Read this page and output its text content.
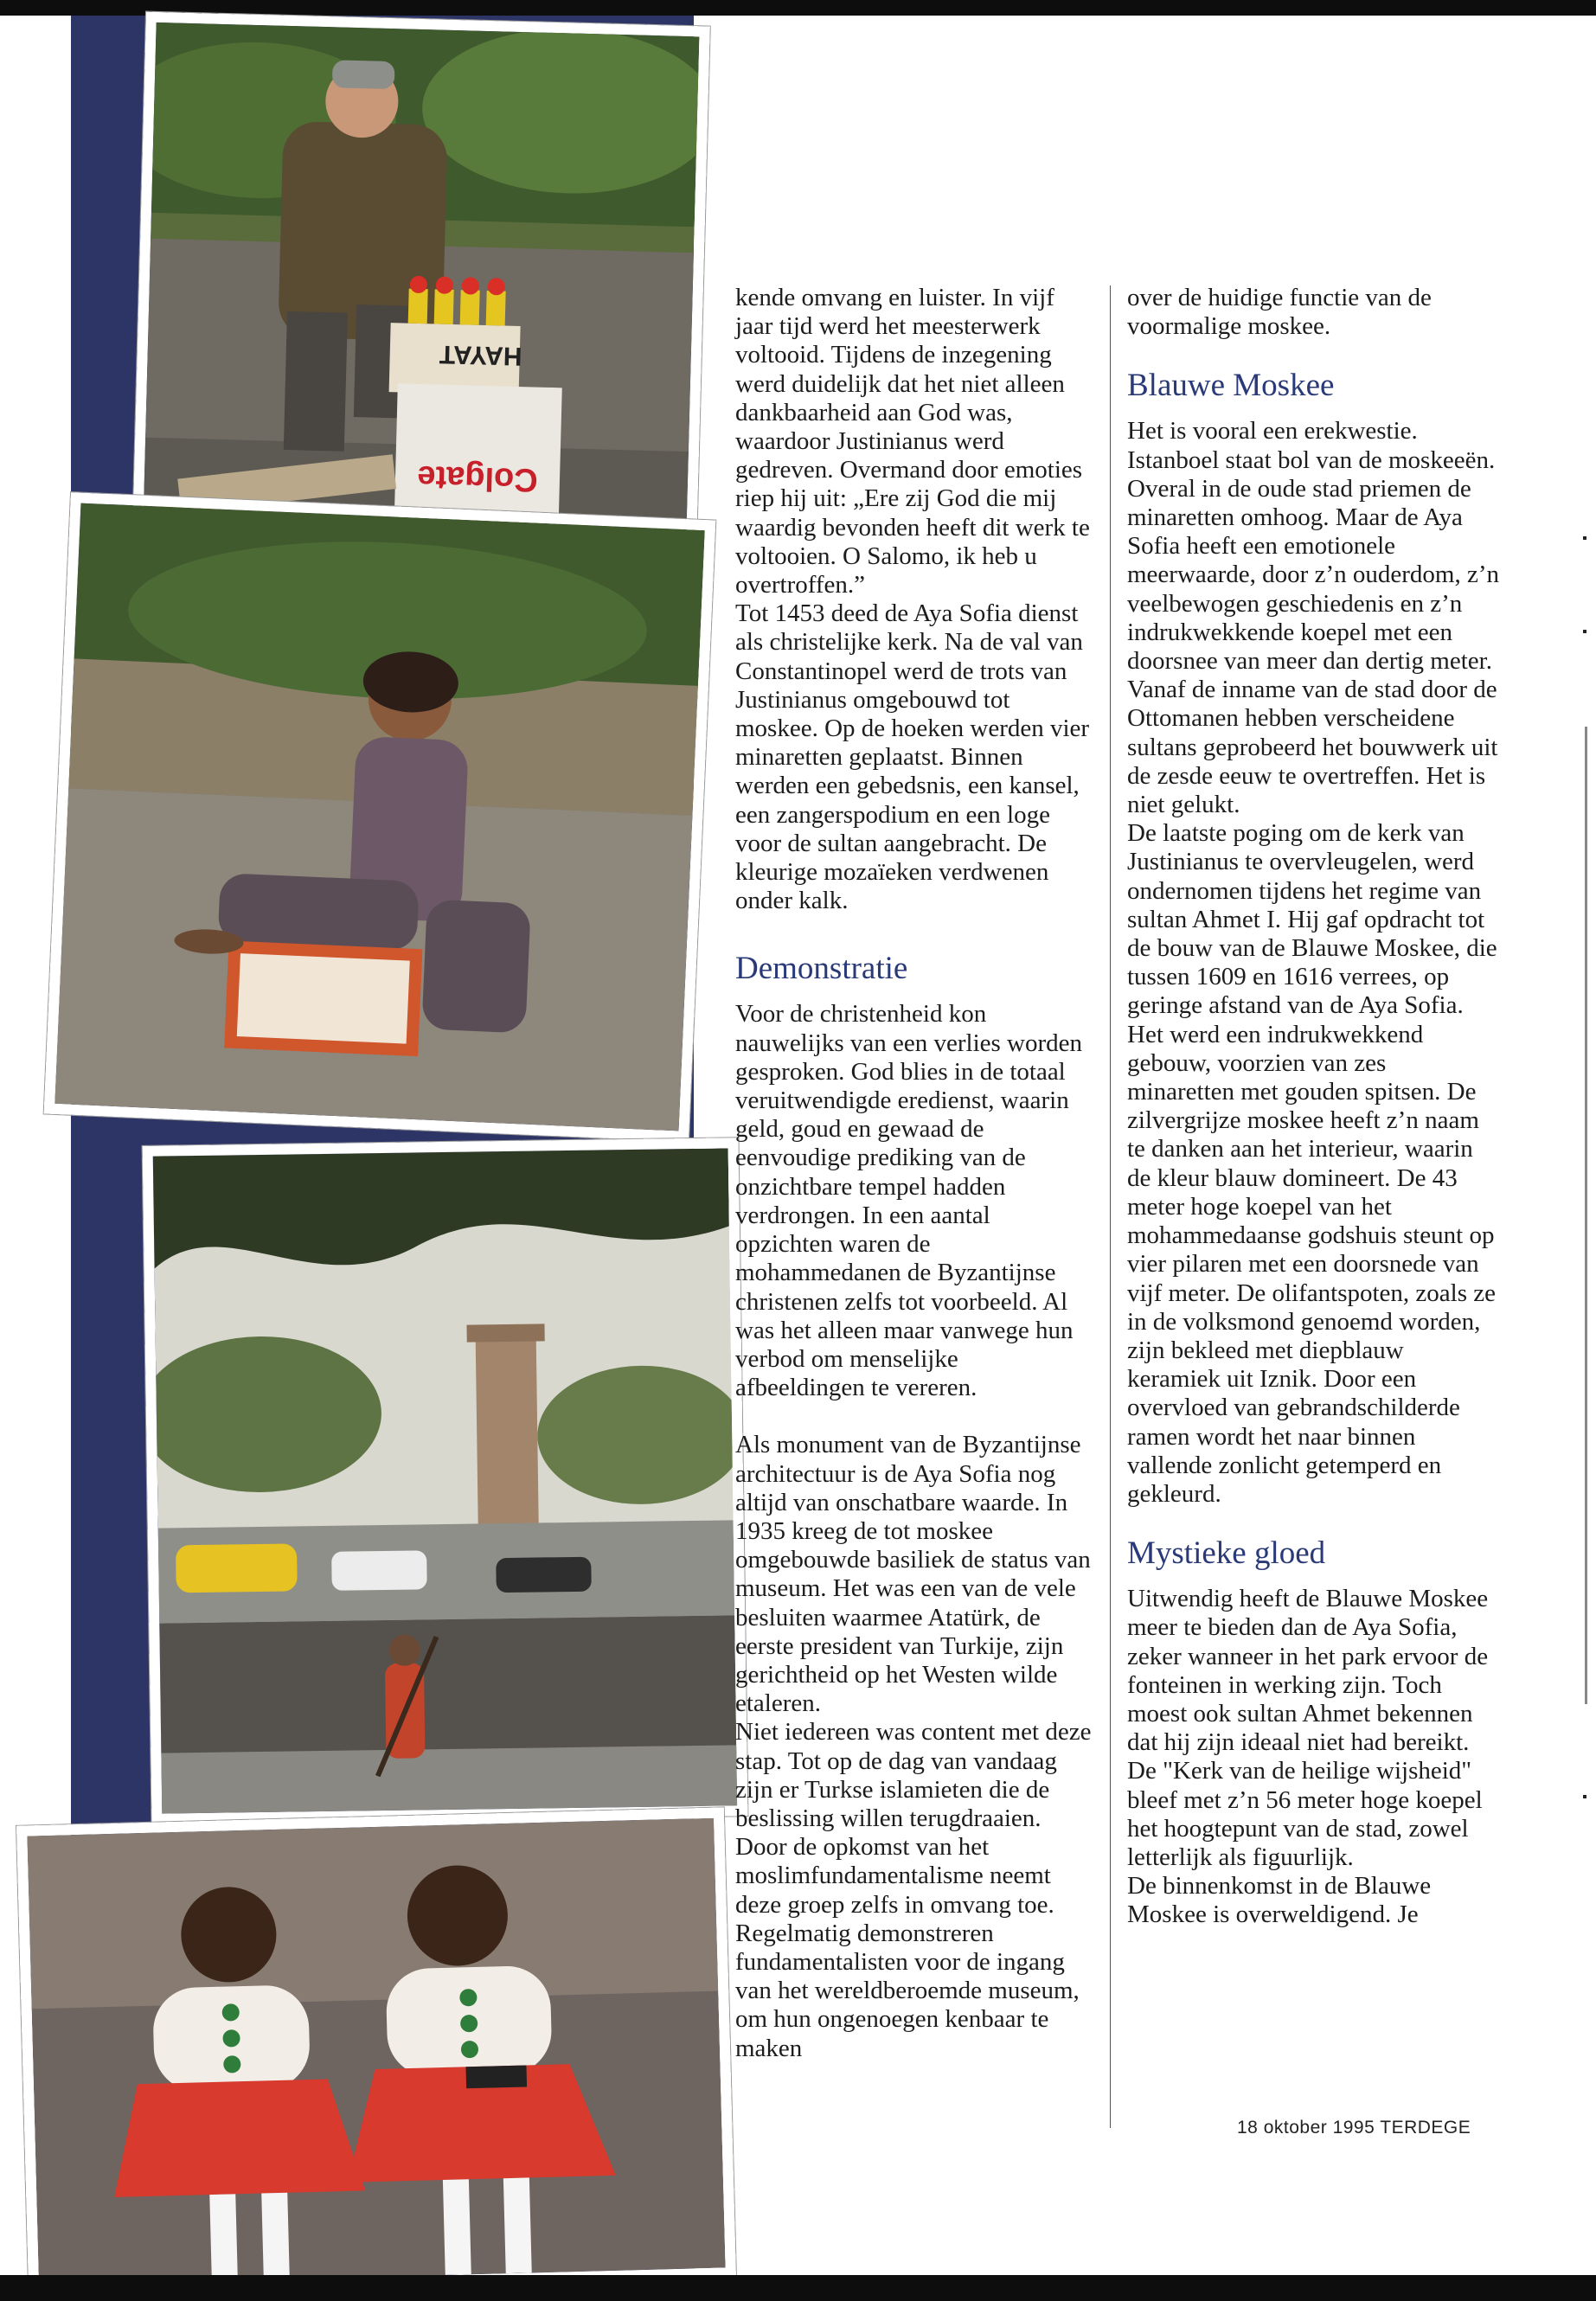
HAYAT
Colgate

kende omvang en luister. In vijf jaar tijd werd het meesterwerk voltooid. Tijdens de inzegening werd duidelijk dat het niet alleen dankbaarheid aan God was, waardoor Justinianus werd gedreven. Overmand door emoties riep hij uit: „Ere zij God die mij waardig bevonden heeft dit werk te voltooien. O Salomo, ik heb u overtroffen.”

Tot 1453 deed de Aya Sofia dienst als christelijke kerk. Na de val van Constantinopel werd de trots van Justinianus omgebouwd tot moskee. Op de hoeken werden vier minaretten geplaatst. Binnen werden een gebedsnis, een kansel, een zangerspodium en een loge voor de sultan aangebracht. De kleurige mozaïeken verdwenen onder kalk.

Demonstratie

Voor de christenheid kon nauwelijks van een verlies worden gesproken. God blies in de totaal veruitwendigde eredienst, waarin geld, goud en gewaad de eenvoudige prediking van de onzichtbare tempel hadden verdrongen. In een aantal opzichten waren de mohammedanen de Byzantijnse christenen zelfs tot voorbeeld. Al was het alleen maar vanwege hun verbod om menselijke afbeeldingen te vereren.

Als monument van de Byzantijnse architectuur is de Aya Sofia nog altijd van onschatbare waarde. In 1935 kreeg de tot moskee omgebouwde basiliek de status van museum. Het was een van de vele besluiten waarmee Atatürk, de eerste president van Turkije, zijn gerichtheid op het Westen wilde etaleren.

Niet iedereen was content met deze stap. Tot op de dag van vandaag zijn er Turkse islamieten die de beslissing willen terugdraaien. Door de opkomst van het moslimfundamentalisme neemt deze groep zelfs in omvang toe. Regelmatig demonstreren fundamentalisten voor de ingang van het wereldberoemde museum, om hun ongenoegen kenbaar te maken

over de huidige functie van de voormalige moskee.

Blauwe Moskee

Het is vooral een erekwestie. Istanboel staat bol van de moskeeën. Overal in de oude stad priemen de minaretten omhoog. Maar de Aya Sofia heeft een emotionele meerwaarde, door z’n ouderdom, z’n veelbewogen geschiedenis en z’n indrukwekkende koepel met een doorsnee van meer dan dertig meter. Vanaf de inname van de stad door de Ottomanen hebben verscheidene sultans geprobeerd het bouwwerk uit de zesde eeuw te overtreffen. Het is niet gelukt.

De laatste poging om de kerk van Justinianus te overvleugelen, werd ondernomen tijdens het regime van sultan Ahmet I. Hij gaf opdracht tot de bouw van de Blauwe Moskee, die tussen 1609 en 1616 verrees, op geringe afstand van de Aya Sofia. Het werd een indrukwekkend gebouw, voorzien van zes minaretten met gouden spitsen. De zilvergrijze moskee heeft z’n naam te danken aan het interieur, waarin de kleur blauw domineert. De 43 meter hoge koepel van het mohammedaanse godshuis steunt op vier pilaren met een doorsnede van vijf meter. De olifantspoten, zoals ze in de volksmond genoemd worden, zijn bekleed met diepblauw keramiek uit Iznik. Door een overvloed van gebrandschilderde ramen wordt het naar binnen vallende zonlicht getemperd en gekleurd.

Mystieke gloed

Uitwendig heeft de Blauwe Moskee meer te bieden dan de Aya Sofia, zeker wanneer in het park ervoor de fonteinen in werking zijn. Toch moest ook sultan Ahmet bekennen dat hij zijn ideaal niet had bereikt. De "Kerk van de heilige wijsheid" bleef met z’n 56 meter hoge koepel het hoogtepunt van de stad, zowel letterlijk als figuurlijk.

De binnenkomst in de Blauwe Moskee is overweldigend. Je

18 oktober 1995 TERDEGE
